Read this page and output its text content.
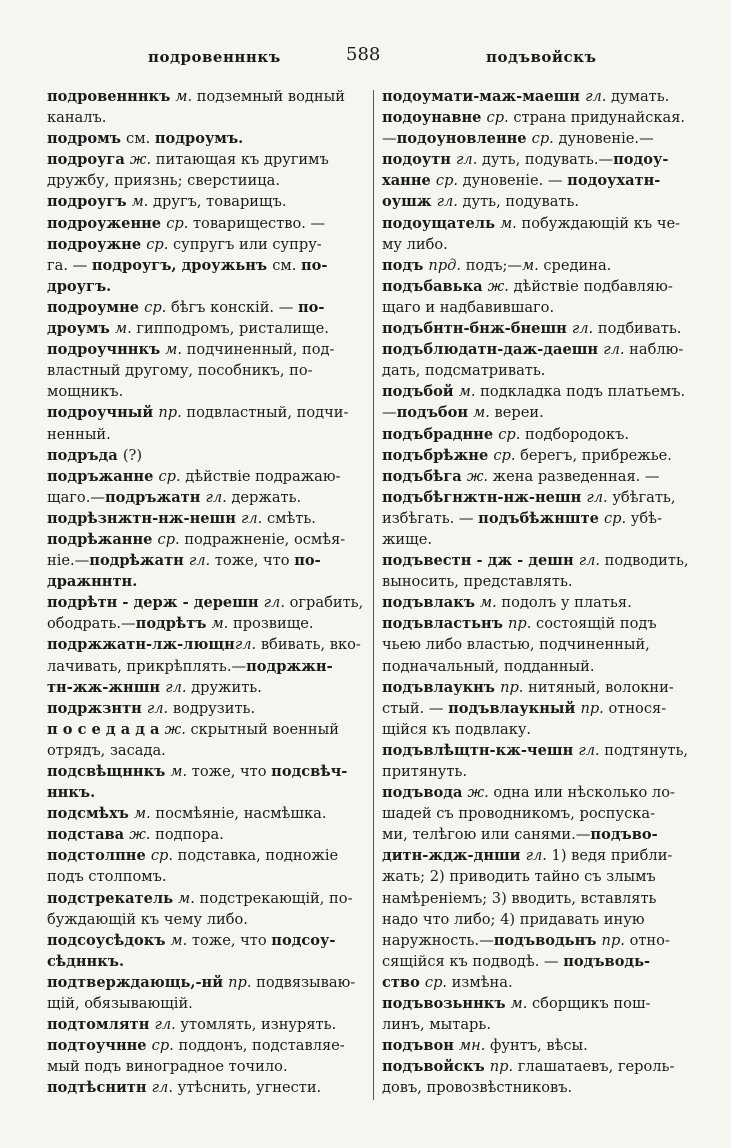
подровенннкъ	588	подъвойскъ
подровенннкъ м. подземный водный
каналъ.
подромъ см. подроумъ.
подроуга ж. питающая къ другимъ
дружбу, приязнь; сверстиица.
подроугъ м. другъ, товарищъ.
подроуженне ср. товарищество. —
подроужне ср. супругъ или супру-
га. — подроугъ, дроужьнъ см. по-
дроугъ.
подроумне ср. бѣгъ конскій. — по-
дроумъ м. гипподромъ, ристалище.
подроучннкъ м. подчиненный, под-
властный другому, пособникъ, по-
мощникъ.
подроучный пр. подвластный, подчи-
ненный.
подръда (?)
подръжанне ср. дѣйствіе подражаю-
щаго.—подръжатн гл. держать.
подрѣзнжтн-нж-нешн гл. смѣть.
подрѣжанне ср. подражненіе, осмѣя-
ніе.—подрѣжатн гл. тоже, что по-
дражннтн.
подрѣтн - держ - дерешн гл. ограбить,
ободрать.—подрѣтъ м. прозвище.
подржжатн-лж-лющнгл. вбивать, вко-
лачивать, прикрѣплять.—подржжн-
тн-жж-жншн гл. дружить.
подржзнтн гл. водрузить.
п о с е д а д а ж. скрытный военный
отрядъ, засада.
подсвѣщннкъ м. тоже, что подсвѣч-
ннкъ.
подсмѣхъ м. посмѣяніе, насмѣшка.
подстава ж. подпора.
подстолпне ср. подставка, подножіе
подъ столпомъ.
подстрекатель м. подстрекающій, по-
буждающій къ чему либо.
подсоусѣдокъ м. тоже, что подсоу-
сѣдннкъ.
подтверждающь,-нй пр. подвязываю-
щій, обязывающій.
подтомлятн гл. утомлять, изнурять.
подтоучнне ср. поддонъ, подставляе-
мый подъ виноградное точило.
подтѣснитн гл. утѣснить, угнести.
подоумати-маж-маешн гл. думать.
подоунавне ср. страна придунайская.
—подоуновленне ср. дуновеніе.—
подоутн гл. дуть, подувать.—подоу-
ханне ср. дуновеніе. — подоухатн-
оушж гл. дуть, подувать.
подоущатель м. побуждающій къ че-
му либо.
подъ прд. подъ;—м. средина.
подъбавька ж. дѣйствіе подбавляю-
щаго и надбавившаго.
подъбнтн-бнж-бнешн гл. подбивать.
подъблюдатн-даж-даешн гл. наблю-
дать, подсматривать.
подъбой м. подкладка подъ платьемъ.
—подъбон м. вереи.
подъбраднне ср. подбородокъ.
подъбрѣжне ср. берегъ, прибрежье.
подъбѣга ж. жена разведенная. —
подъбѣгнжтн-нж-нешн гл. убѣгать,
избѣгать. — подъбѣжнште ср. убѣ-
жище.
подъвестн - дж - дешн гл. подводить,
выносить, представлять.
подъвлакъ м. подолъ у платья.
подъвластьнъ пр. состоящій подъ
чьею либо властью, подчиненный,
подначальный, подданный.
подъвлаукнъ пр. нитяный, волокни-
стый. — подъвлаукный пр. относя-
щійся къ подвлаку.
подъвлѣщтн-кж-чешн гл. подтянуть,
притянуть.
подъвода ж. одна или нѣсколько ло-
шадей съ проводникомъ, роспуска-
ми, телѣгою или санями.—подъво-
дитн-ждж-днши гл. 1) ведя прибли-
жать; 2) приводить тайно съ злымъ
намѣреніемъ; 3) вводить, вставлять
надо что либо; 4) придавать иную
наружность.—подъводьнъ пр. отно-
сящійся къ подводѣ. — подъводь-
ство ср. измѣна.
подъвозьннкъ м. сборщикъ пош-
линъ, мытарь.
подъвон мн. фунтъ, вѣсы.
подъвойскъ пр. глашатаевъ, героль-
довъ, провозвѣстниковъ.
